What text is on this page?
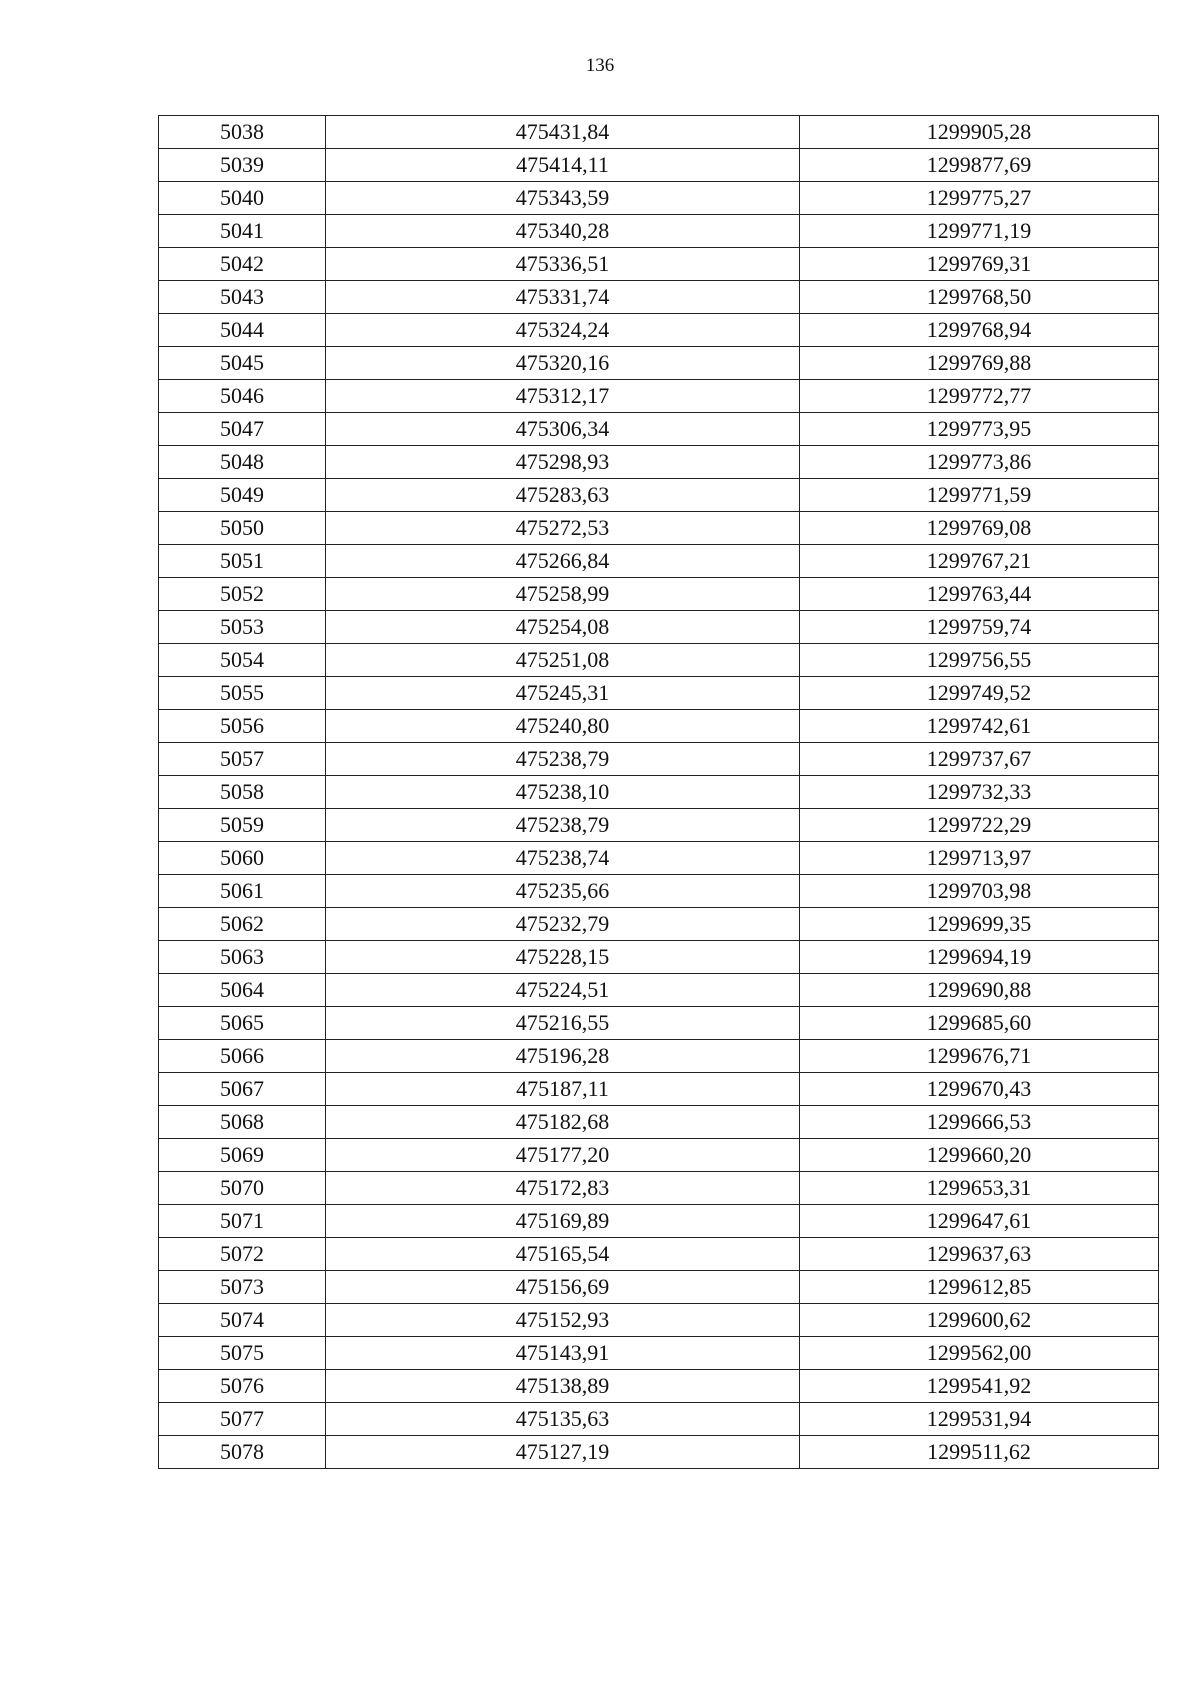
136
5038	475431,84	1299905,28
5039	475414,11	1299877,69
5040	475343,59	1299775,27
5041	475340,28	1299771,19
5042	475336,51	1299769,31
5043	475331,74	1299768,50
5044	475324,24	1299768,94
5045	475320,16	1299769,88
5046	475312,17	1299772,77
5047	475306,34	1299773,95
5048	475298,93	1299773,86
5049	475283,63	1299771,59
5050	475272,53	1299769,08
5051	475266,84	1299767,21
5052	475258,99	1299763,44
5053	475254,08	1299759,74
5054	475251,08	1299756,55
5055	475245,31	1299749,52
5056	475240,80	1299742,61
5057	475238,79	1299737,67
5058	475238,10	1299732,33
5059	475238,79	1299722,29
5060	475238,74	1299713,97
5061	475235,66	1299703,98
5062	475232,79	1299699,35
5063	475228,15	1299694,19
5064	475224,51	1299690,88
5065	475216,55	1299685,60
5066	475196,28	1299676,71
5067	475187,11	1299670,43
5068	475182,68	1299666,53
5069	475177,20	1299660,20
5070	475172,83	1299653,31
5071	475169,89	1299647,61
5072	475165,54	1299637,63
5073	475156,69	1299612,85
5074	475152,93	1299600,62
5075	475143,91	1299562,00
5076	475138,89	1299541,92
5077	475135,63	1299531,94
5078	475127,19	1299511,62
